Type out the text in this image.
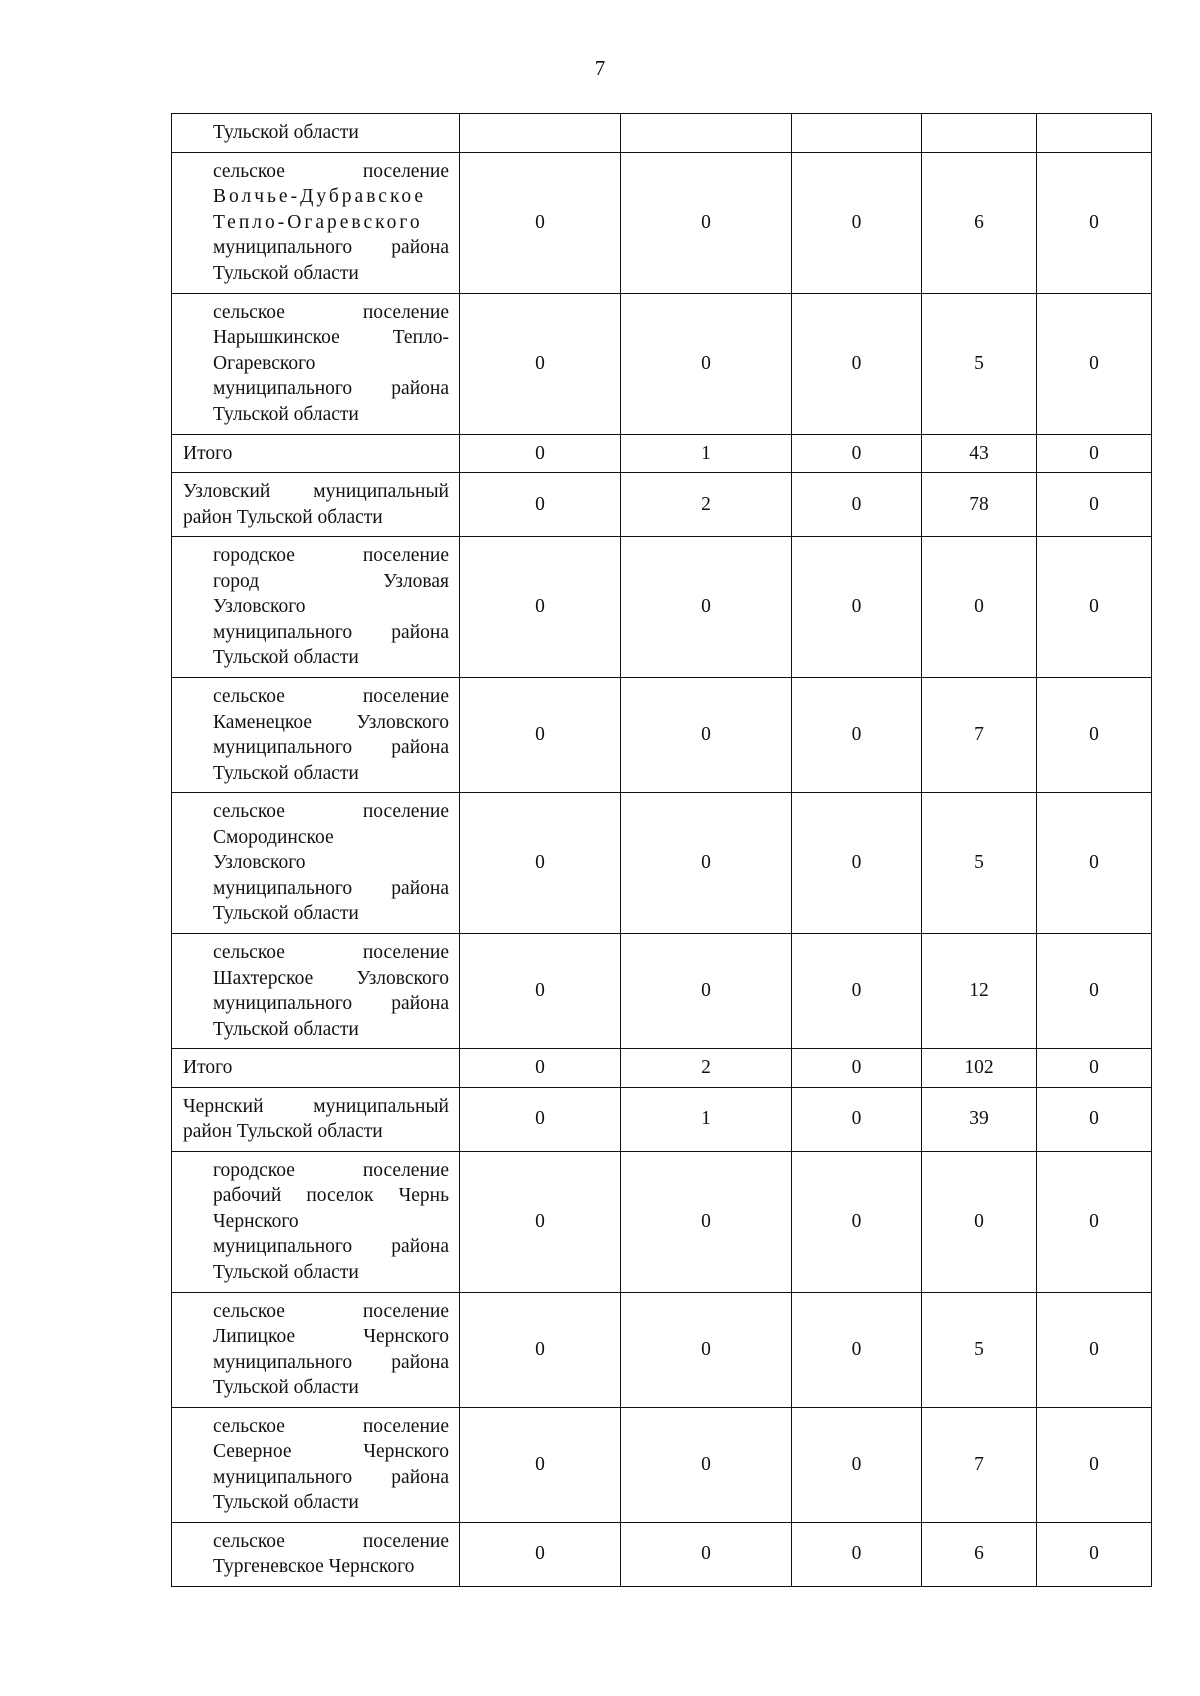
7
Тульской области					

сельское поселение
Волчье-Дубравское
Тепло-Огаревского
муниципального района
Тульской области	0	0	0	6	0

сельское поселение
Нарышкинское Тепло-
Огаревского
муниципального района
Тульской области	0	0	0	5	0

Итого	0	1	0	43	0

Узловский муниципальный
район Тульской области	0	2	0	78	0

городское поселение
город Узловая
Узловского
муниципального района
Тульской области	0	0	0	0	0

сельское поселение
Каменецкое Узловского
муниципального района
Тульской области	0	0	0	7	0

сельское поселение
Смородинское
Узловского
муниципального района
Тульской области	0	0	0	5	0

сельское поселение
Шахтерское Узловского
муниципального района
Тульской области	0	0	0	12	0

Итого	0	2	0	102	0

Чернский муниципальный
район Тульской области	0	1	0	39	0

городское поселение
рабочий поселок Чернь
Чернского
муниципального района
Тульской области	0	0	0	0	0

сельское поселение
Липицкое Чернского
муниципального района
Тульской области	0	0	0	5	0

сельское поселение
Северное Чернского
муниципального района
Тульской области	0	0	0	7	0

сельское поселение
Тургеневское Чернского	0	0	0	6	0
